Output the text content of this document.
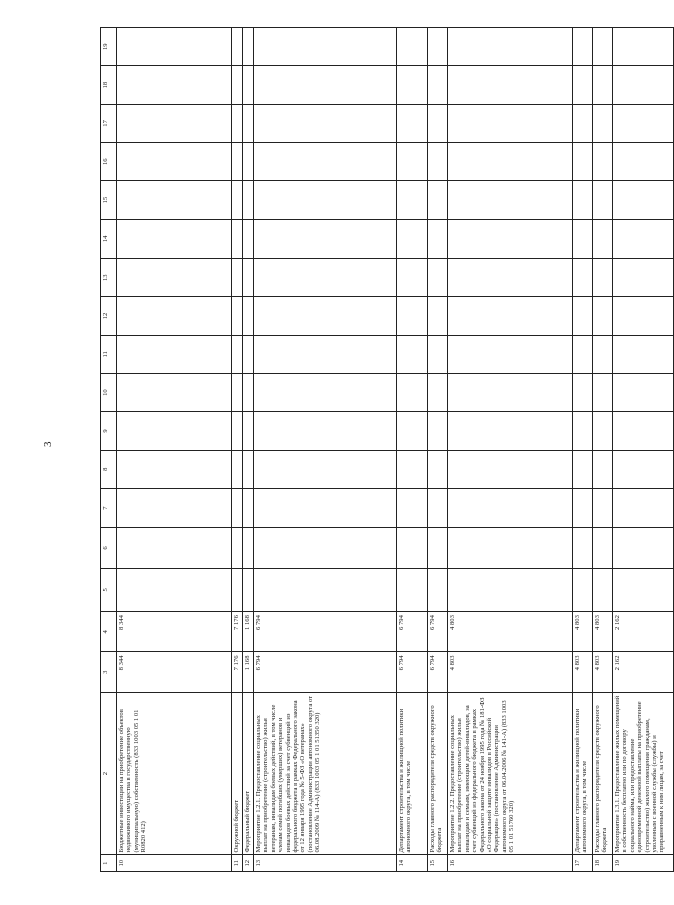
3
1	2	3	4	5	6	7	8	9	10	11	12	13	14	15	16	17	18	19
10	Бюджетные инвестиции на приобретение объектов недвижимого имущества в государственную (муниципальную) собственность (833 1003 05 1 01 R0820 412)	8 344	8 344															
11	Окружной бюджет	7 176	7 176															
12	Федеральный бюджет	1 168	1 168															
13	Мероприятие 1.2.1. Предоставление социальных выплат на приобретение (строительство) жилья ветеранам, инвалидам боевых действий, в том числе членам семей погибших (умерших) ветеранов и инвалидов боевых действий за счет субвенций из федерального бюджета в рамках Федерального закона от 12 января 1995 года № 5-ФЗ «О ветеранах» (постановление Администрации автономного округа от 06.08.2009 № 114-А) (833 1003 05 1 01 51350 320)	6 794	6 794															
14	Департамент строительства и жилищной политики автономного округа, в том числе	6 794	6 794															
15	Расходы главного распорядителя средств окружного бюджета	6 794	6 794															
16	Мероприятие 1.2.2. Предоставление социальных выплат на приобретение (строительство) жилья инвалидам и семьям, имеющим детей-инвалидов, за счет субвенций из федерального бюджета в рамках Федерального закона от 24 ноября 1995 года № 181-ФЗ «О социальной защите инвалидов в Российской Федерации» (постановление Администрации автономного округа от 06.04.2006 № 141-А) (833 1003 05 1 01 51760 320)	4 803	4 803															
17	Департамент строительства и жилищной политики автономного округа, в том числе	4 803	4 803															
18	Расходы главного распорядителя средств окружного бюджета	4 803	4 803															
19	Мероприятие 1.3.1. Предоставление жилых помещений в собственность бесплатно или по договору социального найма, или предоставление единовременной денежной выплаты на приобретение (строительство) жилого помещения гражданам, уволенным с военной службы (службы) и приравненным к ним лицам, за счет	2 162	2 162															
